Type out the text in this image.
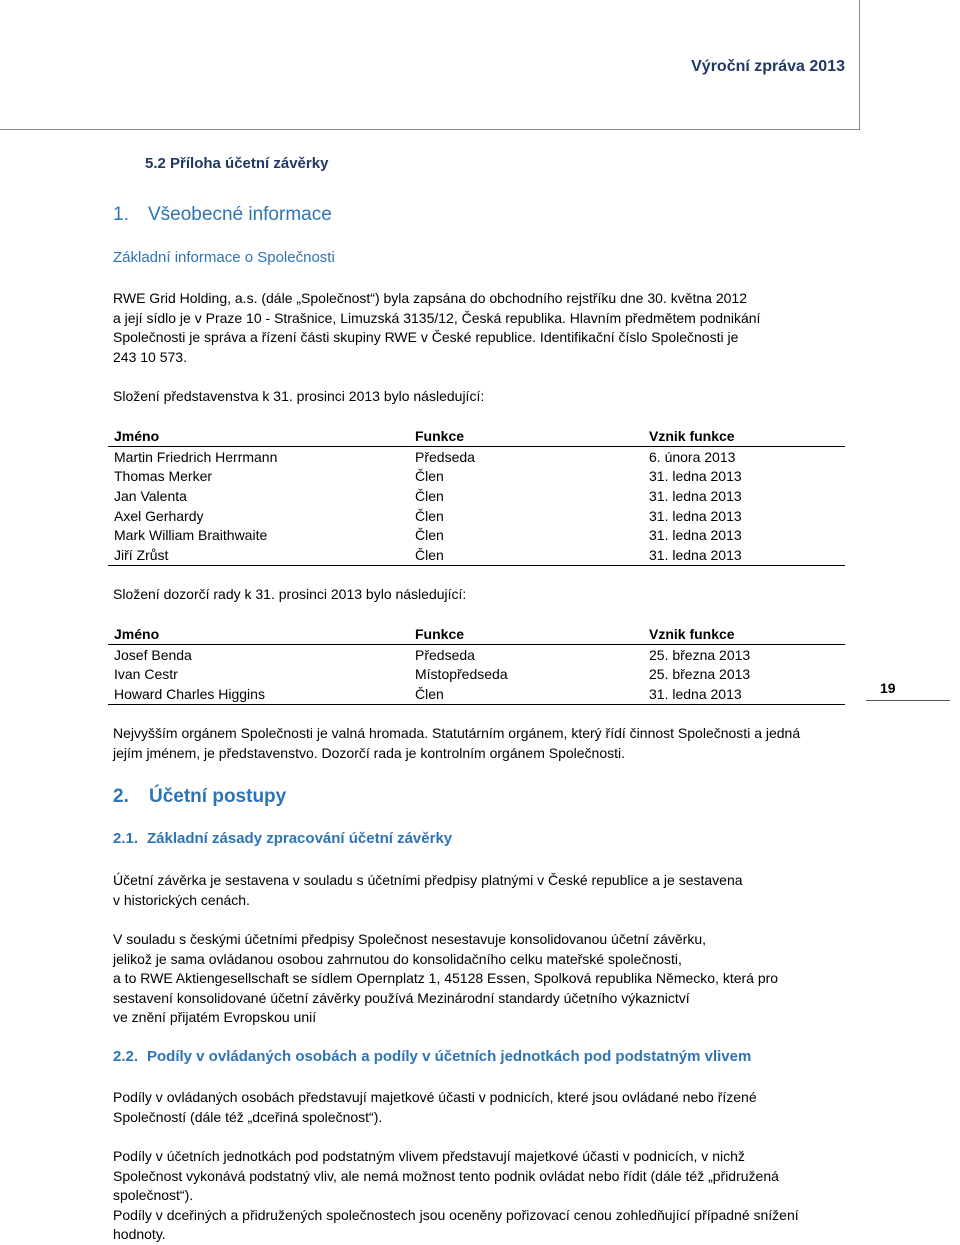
Výroční zpráva 2013
5.2 Příloha účetní závěrky
1. Všeobecné informace
Základní informace o Společnosti
RWE Grid Holding, a.s. (dále „Společnost“) byla zapsána do obchodního rejstříku dne 30. května 2012
a její sídlo je v Praze 10 - Strašnice, Limuzská 3135/12, Česká republika. Hlavním předmětem podnikání
Společnosti je správa a řízení části skupiny RWE v České republice. Identifikační číslo Společnosti je
243 10 573.
Složení představenstva k 31. prosinci 2013 bylo následující:
Jméno	Funkce	Vznik funkce
Martin Friedrich Herrmann	Předseda	6. února 2013
Thomas Merker	Člen	31. ledna 2013
Jan Valenta	Člen	31. ledna 2013
Axel Gerhardy	Člen	31. ledna 2013
Mark William Braithwaite	Člen	31. ledna 2013
Jiří Zrůst	Člen	31. ledna 2013
Složení dozorčí rady k 31. prosinci 2013 bylo následující:
Jméno	Funkce	Vznik funkce
Josef Benda	Předseda	25. března 2013
Ivan Cestr	Místopředseda	25. března 2013
Howard Charles Higgins	Člen	31. ledna 2013	19
Nejvyšším orgánem Společnosti je valná hromada. Statutárním orgánem, který řídí činnost Společnosti a jedná
jejím jménem, je představenstvo. Dozorčí rada je kontrolním orgánem Společnosti.
2. Účetní postupy
2.1. Základní zásady zpracování účetní závěrky
Účetní závěrka je sestavena v souladu s účetními předpisy platnými v České republice a je sestavena
v historických cenách.
V souladu s českými účetními předpisy Společnost nesestavuje konsolidovanou účetní závěrku,
jelikož je sama ovládanou osobou zahrnutou do konsolidačního celku mateřské společnosti,
a to RWE Aktiengesellschaft se sídlem Opernplatz 1, 45128 Essen, Spolková republika Německo, která pro
sestavení konsolidované účetní závěrky používá Mezinárodní standardy účetního výkaznictví
ve znění přijatém Evropskou unií
2.2. Podíly v ovládaných osobách a podíly v účetních jednotkách pod podstatným vlivem
Podíly v ovládaných osobách představují majetkové účasti v podnicích, které jsou ovládané nebo řízené
Společností (dále též „dceřiná společnost“).
Podíly v účetních jednotkách pod podstatným vlivem představují majetkové účasti v podnicích, v nichž
Společnost vykonává podstatný vliv, ale nemá možnost tento podnik ovládat nebo řídit (dále též „přidružená
společnost“).
Podíly v dceřiných a přidružených společnostech jsou oceněny pořizovací cenou zohledňující případné snížení
hodnoty.
